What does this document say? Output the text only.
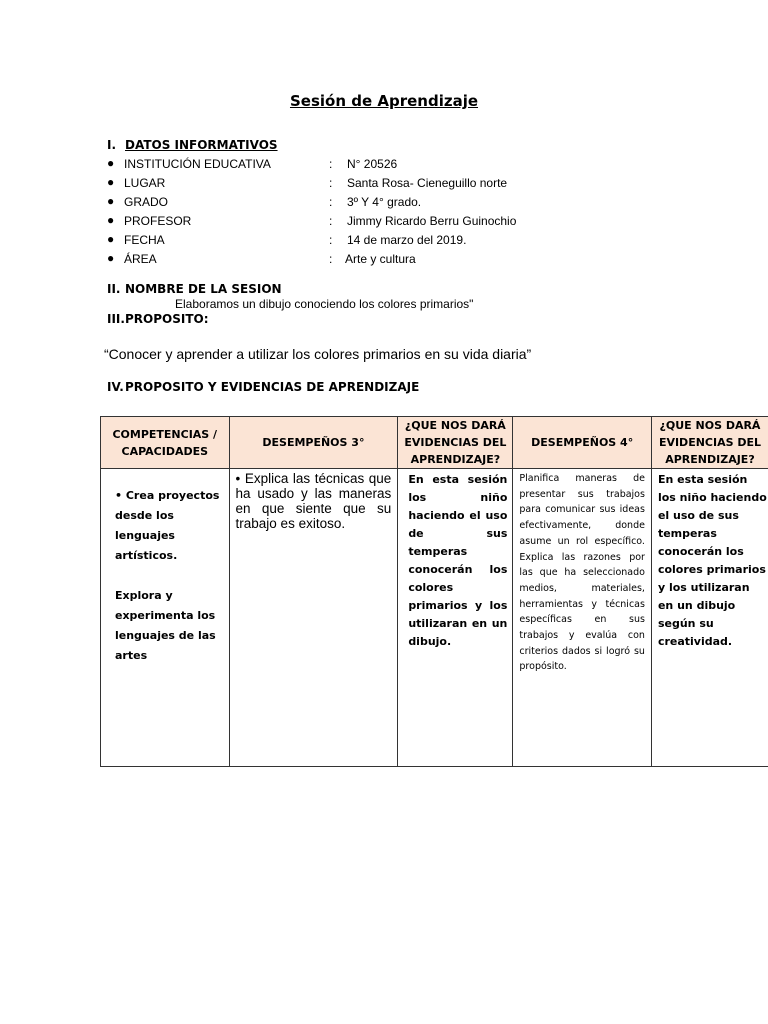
Sesión de Aprendizaje
I. DATOS INFORMATIVOS
● INSTITUCIÓN EDUCATIVA	: N° 20526
● LUGAR	: Santa Rosa- Cieneguillo norte
● GRADO	: 3º Y 4° grado.
● PROFESOR	: Jimmy Ricardo Berru Guinochio
● FECHA	: 14 de marzo del 2019.
● ÁREA	: Arte y cultura
II. NOMBRE DE LA SESION
Elaboramos un dibujo conociendo los colores primarios"
III.PROPOSITO:
“Conocer y aprender a utilizar los colores primarios en su vida diaria”
IV.PROPOSITO Y EVIDENCIAS DE APRENDIZAJE
COMPETENCIAS / CAPACIDADES	DESEMPEÑOS 3°	¿QUE NOS DARÁ EVIDENCIAS DEL APRENDIZAJE?	DESEMPEÑOS 4°	¿QUE NOS DARÁ EVIDENCIAS DEL APRENDIZAJE?

• Crea proyectos desde los lenguajes artísticos.
Explora y experimenta los lenguajes de las artes	• Explica las técnicas que ha usado y las maneras en que siente que su trabajo es exitoso.	En esta sesión los niño haciendo el uso de sus temperas conocerán los colores primarios y los utilizaran en un dibujo.	Planifica maneras de presentar sus trabajos para comunicar sus ideas efectivamente, donde asume un rol específico. Explica las razones por las que ha seleccionado medios, materiales, herramientas y técnicas específicas en sus trabajos y evalúa con criterios dados si logró su propósito.	En esta sesión los niño haciendo el uso de sus temperas conocerán los colores primarios y los utilizaran en un dibujo según su creatividad.
